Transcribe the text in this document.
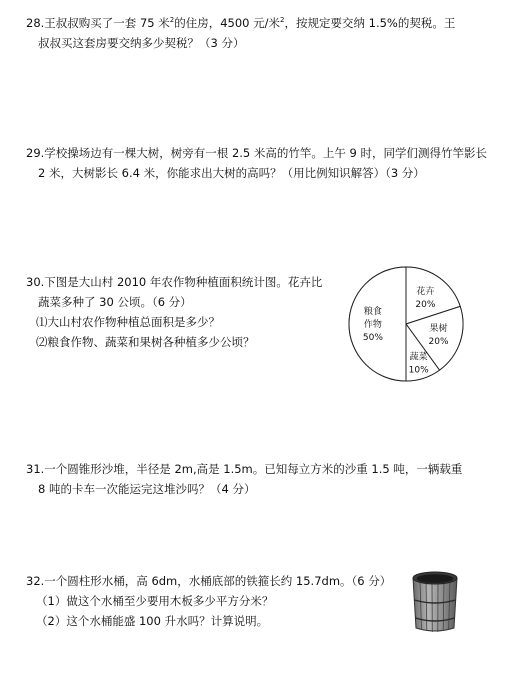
28.王叔叔购买了一套 75 米$^2$的住房，4500 元/米$^2$，按规定要交纳 1.5%的契税。王
叔叔买这套房要交纳多少契税？（3 分）
29.学校操场边有一棵大树，树旁有一根 2.5 米高的竹竿。上午 9 时，同学们测得竹竿影长
2 米，大树影长 6.4 米，你能求出大树的高吗？（用比例知识解答）（3 分）
30.下图是大山村 2010 年农作物种植面积统计图。花卉比
蔬菜多种了 30 公顷。（6 分）
⑴大山村农作物种植总面积是多少？
⑵粮食作物、蔬菜和果树各种植多少公顷？
花卉 20%
果树 20%
蔬菜 10%
粮食作物 50%
31.一个圆锥形沙堆，半径是 2m,高是 1.5m。已知每立方米的沙重 1.5 吨，一辆载重
8 吨的卡车一次能运完这堆沙吗？（4 分）
32.一个圆柱形水桶，高 6dm，水桶底部的铁箍长约 15.7dm。（6 分）
（1）做这个水桶至少要用木板多少平方分米？
（2）这个水桶能盛 100 升水吗？计算说明。
